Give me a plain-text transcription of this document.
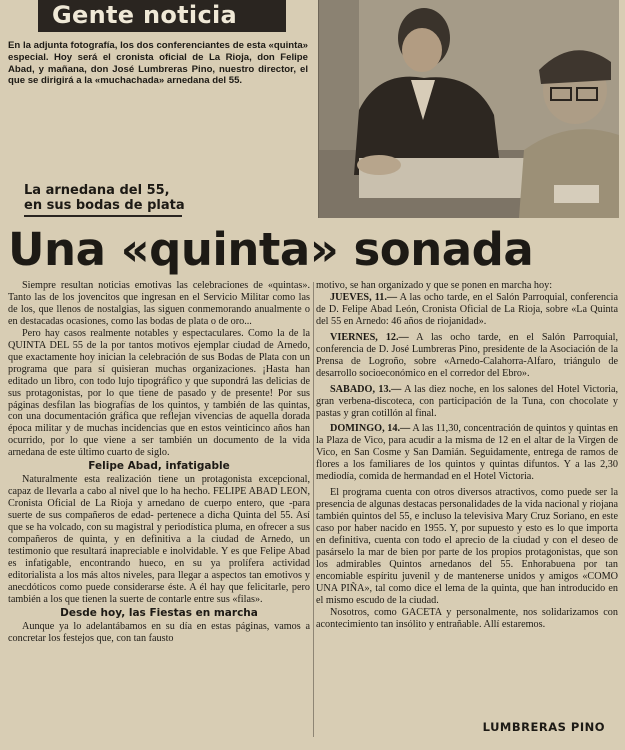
Gente noticia
En la adjunta fotografía, los dos conferenciantes de esta «quinta» especial. Hoy será el cronista oficial de La Rioja, don Felipe Abad, y mañana, don José Lumbreras Pino, nuestro director, el que se dirigirá a la «muchachada» arnedana del 55.
La arnedana del 55,
en sus bodas de plata
Una «quinta» sonada

Siempre resultan noticias emotivas las celebraciones de «quintas». Tanto las de los jovencitos que ingresan en el Servicio Militar como las de los, que llenos de nostalgias, las siguen conmemorando anualmente o en destacadas ocasiones, como las bodas de plata o de oro...

Pero hay casos realmente notables y espectaculares. Como la de la QUINTA DEL 55 de la por tantos motivos ejemplar ciudad de Arnedo, que exactamente hoy inician la celebración de sus Bodas de Plata con un programa que para sí quisieran muchas organizaciones. ¡Hasta han editado un libro, con todo lujo tipográfico y que supondrá las delicias de sus protagonistas, por lo que tiene de pasado y de presente! Por sus páginas desfilan las biografías de los quintos, y también de las quintas, con una documentación gráfica que reflejan vivencias de aquella dorada época militar y de muchas incidencias que en estos veinticinco años han ocurrido, por lo que viene a ser también un documento de la vida arnedana de este último cuarto de siglo.

Felipe Abad, infatigable

Naturalmente esta realización tiene un protagonista excepcional, capaz de llevarla a cabo al nivel que lo ha hecho. FELIPE ABAD LEON, Cronista Oficial de La Rioja y arnedano de cuerpo entero, que -para suerte de sus compañeros de edad- pertenece a dicha Quinta del 55. Así que se ha volcado, con su magistral y periodística pluma, en ofrecer a sus compañeros de quinta, y en definitiva a la ciudad de Arnedo, un testimonio que resultará inapreciable e inolvidable. Y es que Felipe Abad es infatigable, encontrando hueco, en su ya prolífera actividad editorialista a los más altos niveles, para llegar a aspectos tan emotivos y anecdóticos como puede considerarse éste. A él hay que felicitarle, pero también a los que tienen la suerte de contarle entre sus «filas».

Desde hoy, las Fiestas en marcha

Aunque ya lo adelantábamos en su día en estas páginas, vamos a concretar los festejos que, con tan fausto

motivo, se han organizado y que se ponen en marcha hoy:

JUEVES, 11.— A las ocho tarde, en el Salón Parroquial, conferencia de D. Felipe Abad León, Cronista Oficial de La Rioja, sobre «La Quinta del 55 en Arnedo: 46 años de riojanidad».

VIERNES, 12.— A las ocho tarde, en el Salón Parroquial, conferencia de D. José Lumbreras Pino, presidente de la Asociación de la Prensa de Logroño, sobre «Arnedo-Calahorra-Alfaro, triángulo de desarrollo socioeconómico en el corredor del Ebro».

SABADO, 13.— A las diez noche, en los salones del Hotel Victoria, gran verbena-discoteca, con participación de la Tuna, con chocolate y pastas y gran cotillón al final.

DOMINGO, 14.— A las 11,30, concentración de quintos y quintas en la Plaza de Vico, para acudir a la misma de 12 en el altar de la Virgen de Vico, en San Cosme y San Damián. Seguidamente, entrega de ramos de flores a los familiares de los quintos y quintas difuntos. Y a las 2,30 mediodía, comida de hermandad en el Hotel Victoria.

El programa cuenta con otros diversos atractivos, como puede ser la presencia de algunas destacas personalidades de la vida nacional y riojana también quintos del 55, e incluso la televisiva Mary Cruz Soriano, en este caso por haber nacido en 1955. Y, por supuesto y esto es lo que importa en definitiva, cuenta con todo el aprecio de la ciudad y con el deseo de pasárselo la mar de bien por parte de los propios protagonistas, que son los admirables Quintos arnedanos del 55. Enhorabuena por tan encomiable espíritu juvenil y de mantenerse unidos y amigos «COMO UNA PIÑA», tal como dice el lema de la quinta, que han introducido en el mismo escudo de la ciudad.

Nosotros, como GACETA y personalmente, nos solidarizamos con acontecimiento tan insólito y entrañable. Allí estaremos.

LUMBRERAS PINO
